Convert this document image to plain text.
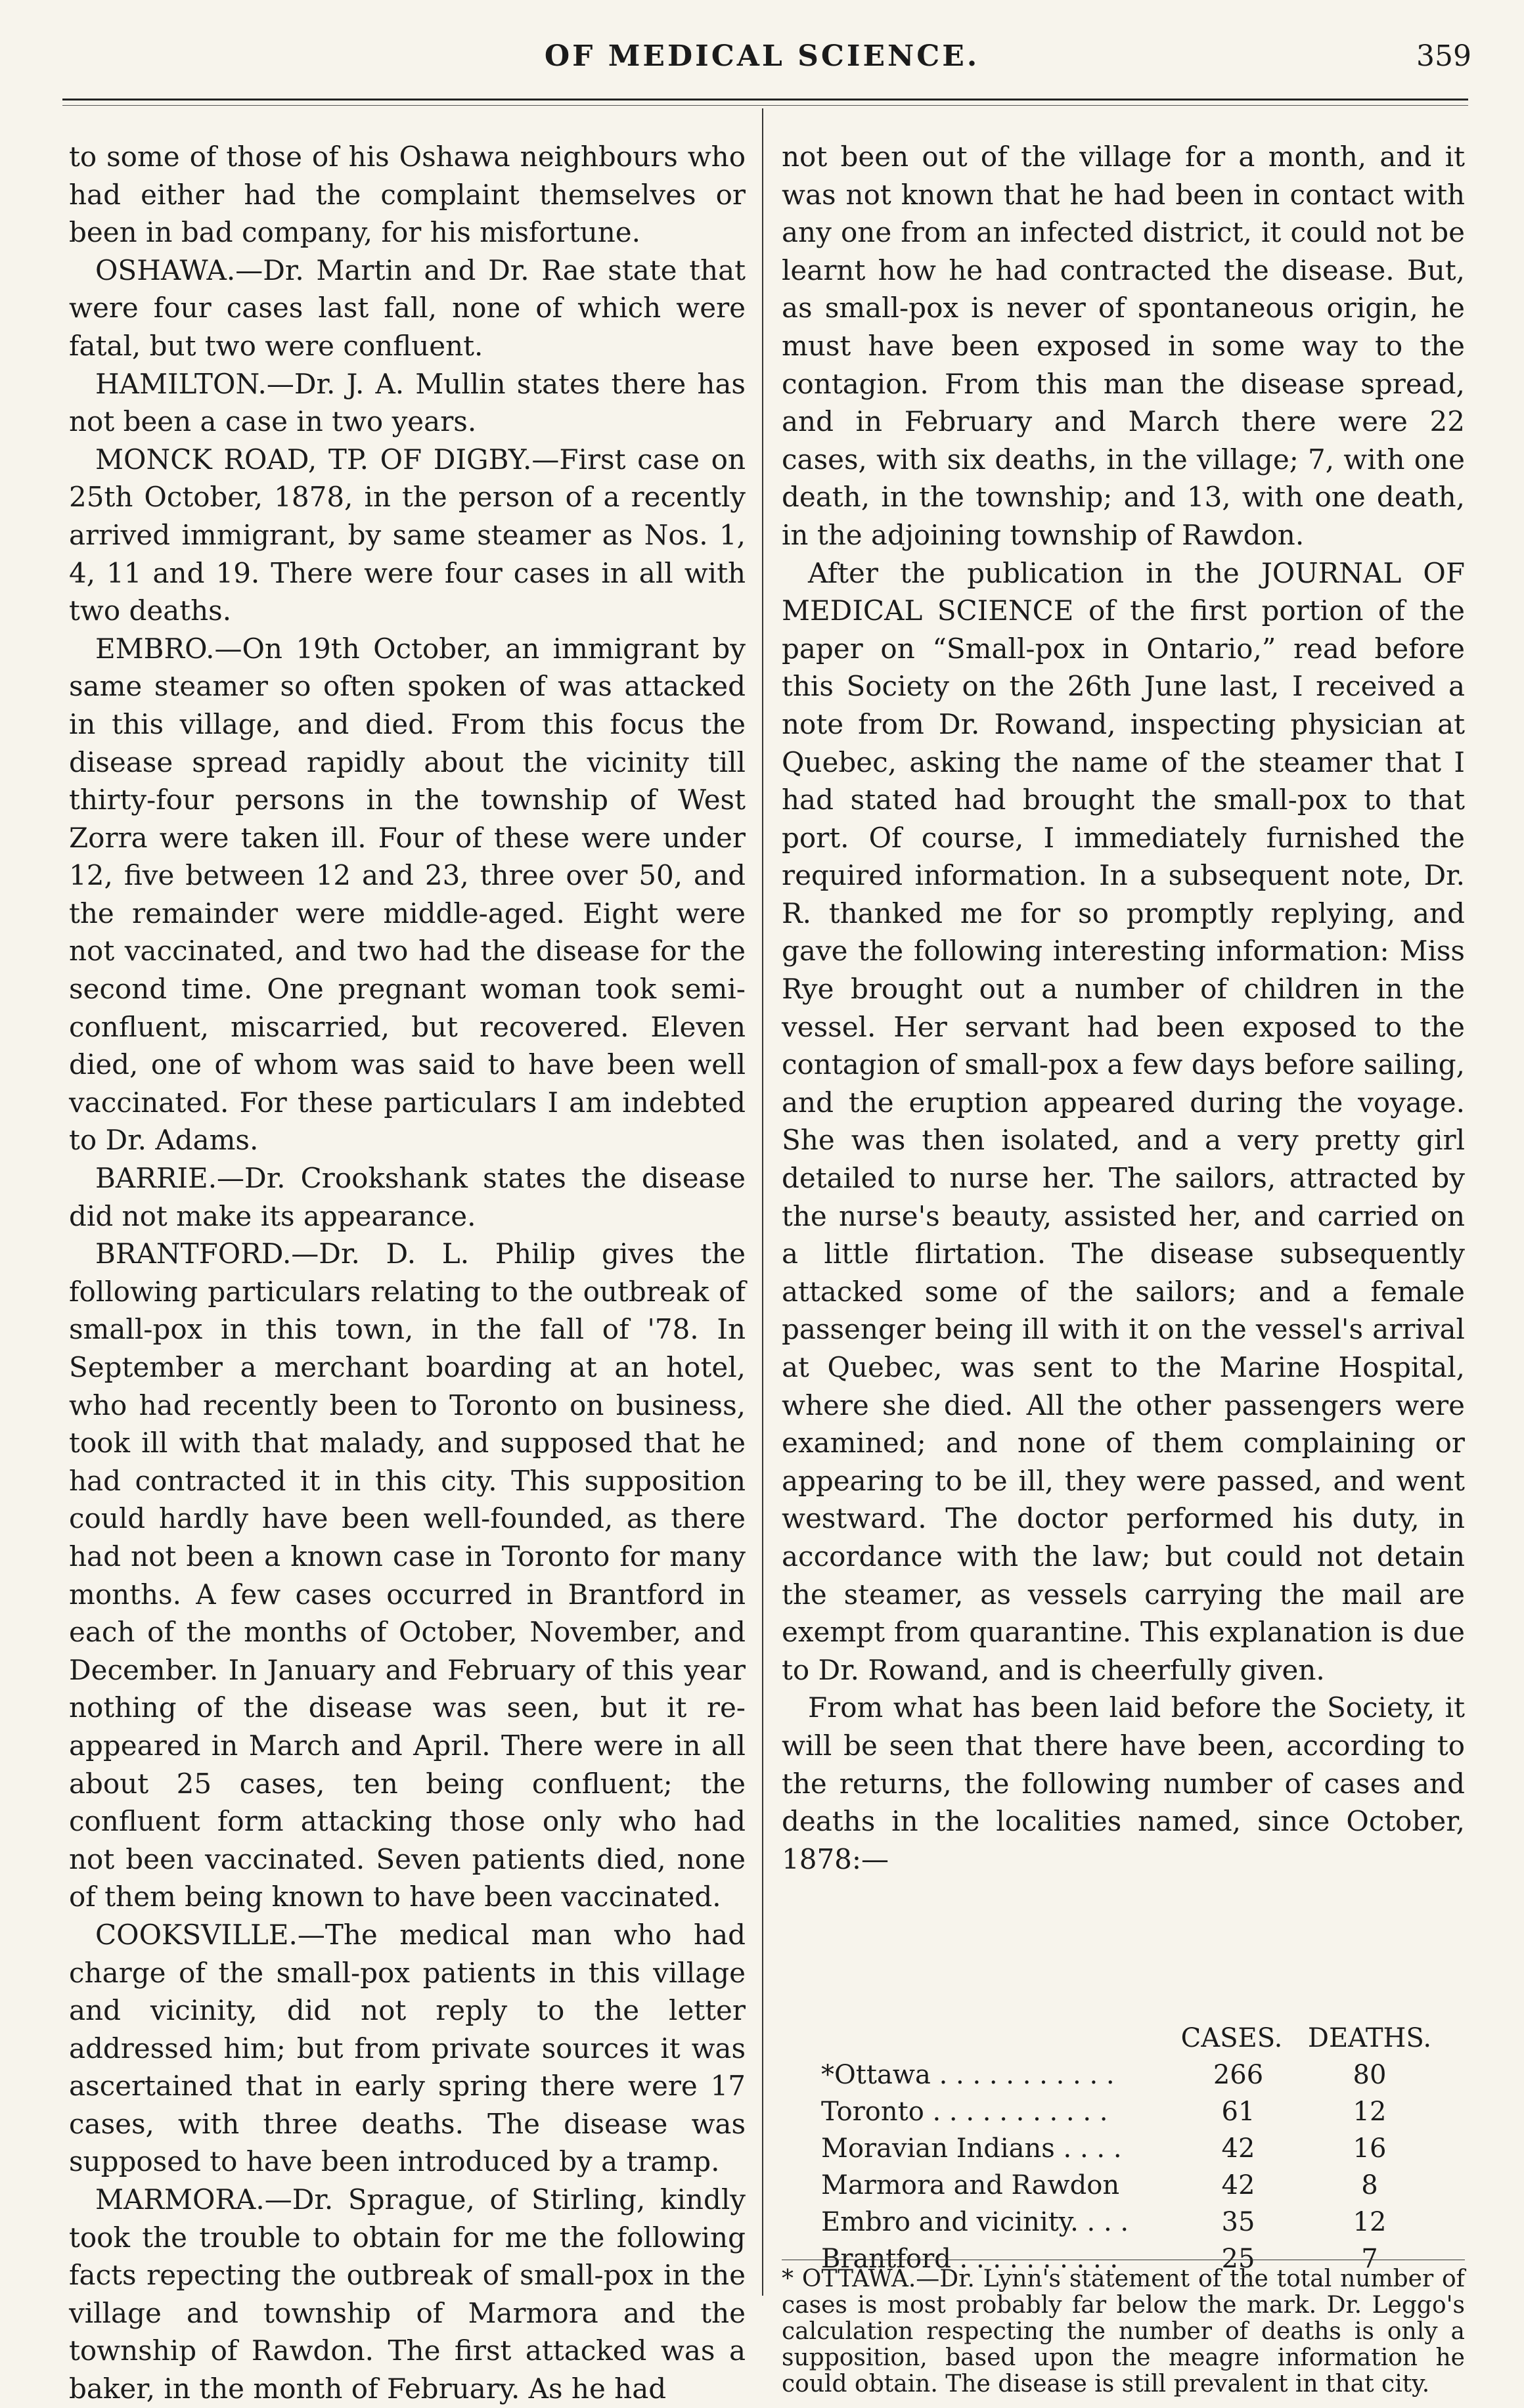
OF MEDICAL SCIENCE.	359

to some of those of his Oshawa neighbours who had either had the complaint themselves or been in bad company, for his misfortune.

OSHAWA.—Dr. Martin and Dr. Rae state that were four cases last fall, none of which were fatal, but two were confluent.

HAMILTON.—Dr. J. A. Mullin states there has not been a case in two years.

MONCK ROAD, TP. OF DIGBY.—First case on 25th October, 1878, in the person of a recently arrived immigrant, by same steamer as Nos. 1, 4, 11 and 19. There were four cases in all with two deaths.

EMBRO.—On 19th October, an immigrant by same steamer so often spoken of was attacked in this village, and died. From this focus the disease spread rapidly about the vicinity till thirty-four persons in the township of West Zorra were taken ill. Four of these were under 12, five between 12 and 23, three over 50, and the remainder were middle-aged. Eight were not vaccinated, and two had the disease for the second time. One pregnant woman took semi-confluent, miscarried, but recovered. Eleven died, one of whom was said to have been well vaccinated. For these particulars I am indebted to Dr. Adams.

BARRIE.—Dr. Crookshank states the disease did not make its appearance.

BRANTFORD.—Dr. D. L. Philip gives the following particulars relating to the outbreak of small-pox in this town, in the fall of '78. In September a merchant boarding at an hotel, who had recently been to Toronto on business, took ill with that malady, and supposed that he had contracted it in this city. This supposition could hardly have been well-founded, as there had not been a known case in Toronto for many months. A few cases occurred in Brantford in each of the months of October, November, and December. In January and February of this year nothing of the disease was seen, but it re-appeared in March and April. There were in all about 25 cases, ten being confluent; the confluent form attacking those only who had not been vaccinated. Seven patients died, none of them being known to have been vaccinated.

COOKSVILLE.—The medical man who had charge of the small-pox patients in this village and vicinity, did not reply to the letter addressed him; but from private sources it was ascertained that in early spring there were 17 cases, with three deaths. The disease was supposed to have been introduced by a tramp.

MARMORA.—Dr. Sprague, of Stirling, kindly took the trouble to obtain for me the following facts repecting the outbreak of small-pox in the village and township of Marmora and the township of Rawdon. The first attacked was a baker, in the month of February. As he had

not been out of the village for a month, and it was not known that he had been in contact with any one from an infected district, it could not be learnt how he had contracted the disease. But, as small-pox is never of spontaneous origin, he must have been exposed in some way to the contagion. From this man the disease spread, and in February and March there were 22 cases, with six deaths, in the village; 7, with one death, in the township; and 13, with one death, in the adjoining township of Rawdon.

After the publication in the JOURNAL OF MEDICAL SCIENCE of the first portion of the paper on “Small-pox in Ontario,” read before this Society on the 26th June last, I received a note from Dr. Rowand, inspecting physician at Quebec, asking the name of the steamer that I had stated had brought the small-pox to that port. Of course, I immediately furnished the required information. In a subsequent note, Dr. R. thanked me for so promptly replying, and gave the following interesting information: Miss Rye brought out a number of children in the vessel. Her servant had been exposed to the contagion of small-pox a few days before sailing, and the eruption appeared during the voyage. She was then isolated, and a very pretty girl detailed to nurse her. The sailors, attracted by the nurse's beauty, assisted her, and carried on a little flirtation. The disease subsequently attacked some of the sailors; and a female passenger being ill with it on the vessel's arrival at Quebec, was sent to the Marine Hospital, where she died. All the other passengers were examined; and none of them complaining or appearing to be ill, they were passed, and went westward. The doctor performed his duty, in accordance with the law; but could not detain the steamer, as vessels carrying the mail are exempt from quarantine. This explanation is due to Dr. Rowand, and is cheerfully given.

From what has been laid before the Society, it will be seen that there have been, according to the returns, the following number of cases and deaths in the localities named, since October, 1878:—

CASES. DEATHS.
*Ottawa . . . . . . . . . . .	266	80
Toronto . . . . . . . . . . .	61	12
Moravian Indians . . . .	42	16
Marmora and Rawdon	42	8
Embro and vicinity. . . .	35	12
Brantford . . . . . . . . . .	25	7
* OTTAWA.—Dr. Lynn's statement of the total number of cases is most probably far below the mark. Dr. Leggo's calculation respecting the number of deaths is only a supposition, based upon the meagre information he could obtain. The disease is still prevalent in that city.
